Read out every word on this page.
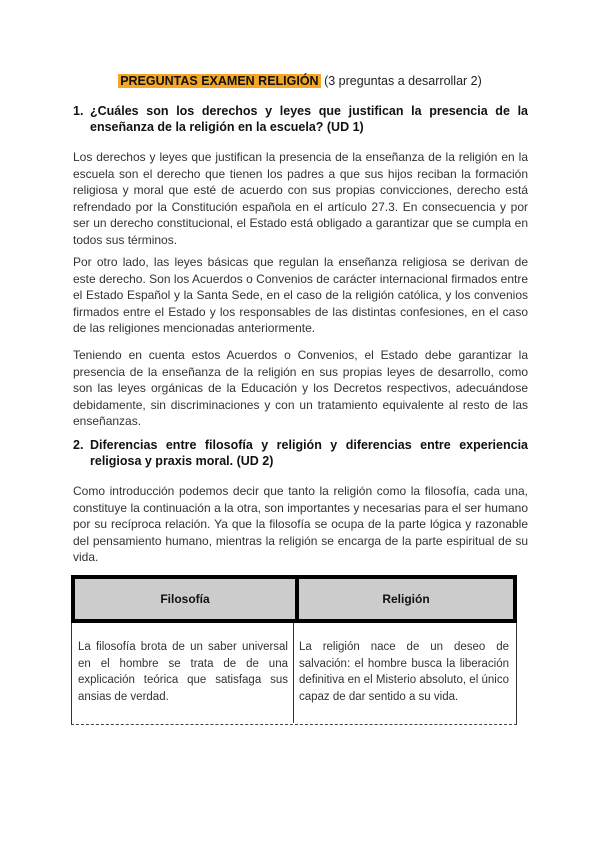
PREGUNTAS EXAMEN RELIGIÓN (3 preguntas a desarrollar 2)
1. ¿Cuáles son los derechos y leyes que justifican la presencia de la enseñanza de la religión en la escuela? (UD 1)
Los derechos y leyes que justifican la presencia de la enseñanza de la religión en la escuela son el derecho que tienen los padres a que sus hijos reciban la formación religiosa y moral que esté de acuerdo con sus propias convicciones, derecho está refrendado por la Constitución española en el artículo 27.3. En consecuencia y por ser un derecho constitucional, el Estado está obligado a garantizar que se cumpla en todos sus términos.
Por otro lado, las leyes básicas que regulan la enseñanza religiosa se derivan de este derecho. Son los Acuerdos o Convenios de carácter internacional firmados entre el Estado Español y la Santa Sede, en el caso de la religión católica, y los convenios firmados entre el Estado y los responsables de las distintas confesiones, en el caso de las religiones mencionadas anteriormente.
Teniendo en cuenta estos Acuerdos o Convenios, el Estado debe garantizar la presencia de la enseñanza de la religión en sus propias leyes de desarrollo, como son las leyes orgánicas de la Educación y los Decretos respectivos, adecuándose debidamente, sin discriminaciones y con un tratamiento equivalente al resto de las enseñanzas.
2. Diferencias entre filosofía y religión y diferencias entre experiencia religiosa y praxis moral. (UD 2)
Como introducción podemos decir que tanto la religión como la filosofía, cada una, constituye la continuación a la otra, son importantes y necesarias para el ser humano por su recíproca relación. Ya que la filosofía se ocupa de la parte lógica y razonable del pensamiento humano, mientras la religión se encarga de la parte espiritual de su vida.
Filosofía	Religión
La filosofía brota de un saber universal en el hombre se trata de de una explicación teórica que satisfaga sus ansias de verdad.
La religión nace de un deseo de salvación: el hombre busca la liberación definitiva en el Misterio absoluto, el único capaz de dar sentido a su vida.
